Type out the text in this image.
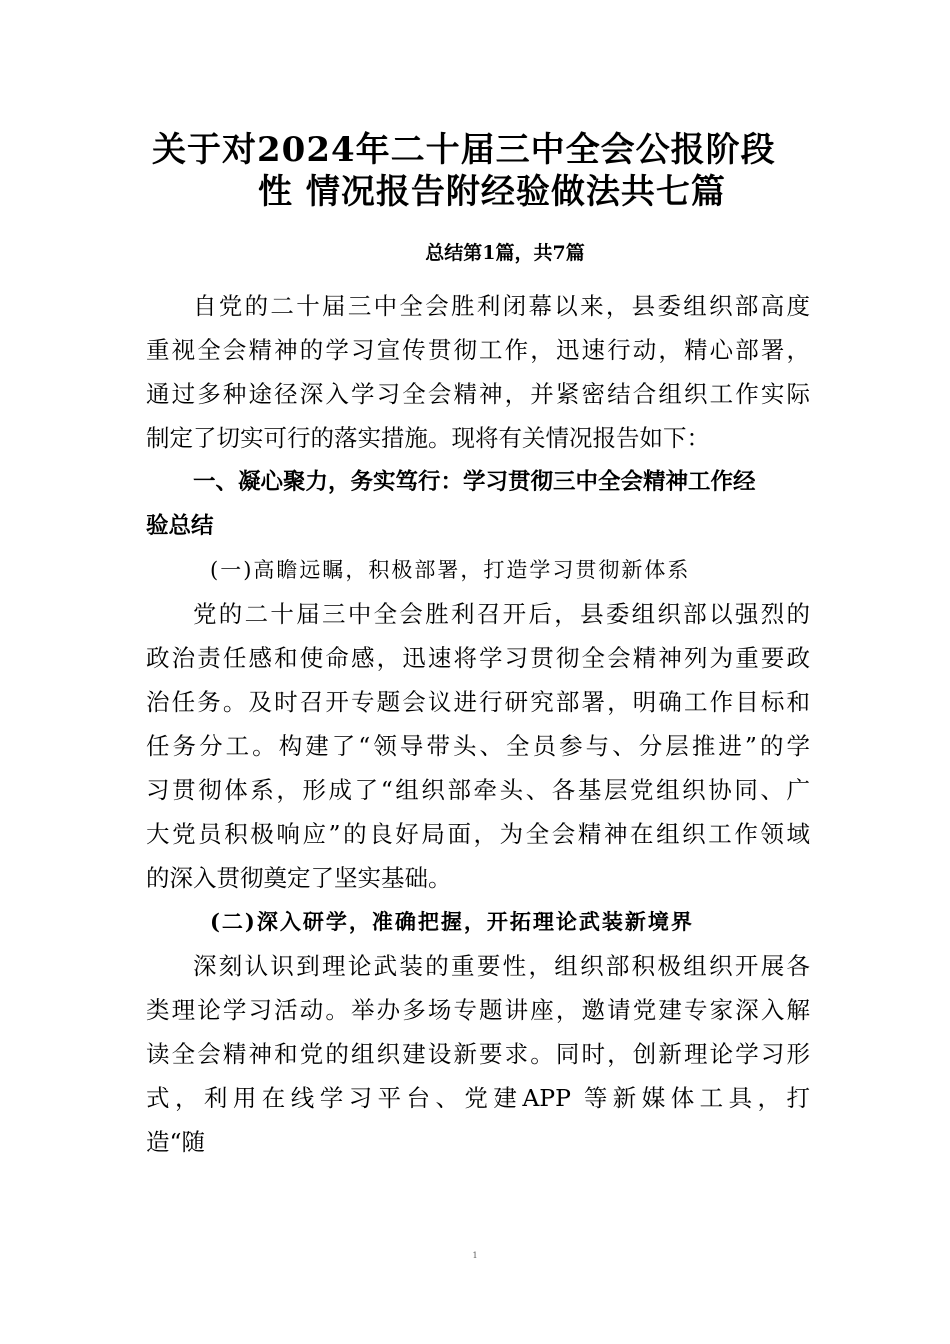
关于对2024年二十届三中全会公报阶段
性 情况报告附经验做法共七篇
总结第1篇，共7篇

自党的二十届三中全会胜利闭幕以来，县委组织部高度

重视全会精神的学习宣传贯彻工作，迅速行动，精心部署，

通过多种途径深入学习全会精神，并紧密结合组织工作实际

制定了切实可行的落实措施。现将有关情况报告如下：

一、凝心聚力，务实笃行：学习贯彻三中全会精神工作经

验总结

(一)高瞻远瞩，积极部署，打造学习贯彻新体系

党的二十届三中全会胜利召开后，县委组织部以强烈的

政治责任感和使命感，迅速将学习贯彻全会精神列为重要政

治任务。及时召开专题会议进行研究部署，明确工作目标和

任务分工。构建了“领导带头、全员参与、分层推进”的学

习贯彻体系，形成了“组织部牵头、各基层党组织协同、广

大党员积极响应”的良好局面，为全会精神在组织工作领域

的深入贯彻奠定了坚实基础。

(二)深入研学，准确把握，开拓理论武装新境界

深刻认识到理论武装的重要性，组织部积极组织开展各

类理论学习活动。举办多场专题讲座，邀请党建专家深入解

读全会精神和党的组织建设新要求。同时，创新理论学习形

式，利用在线学习平台、党建APP 等新媒体工具，打

造“随

1
